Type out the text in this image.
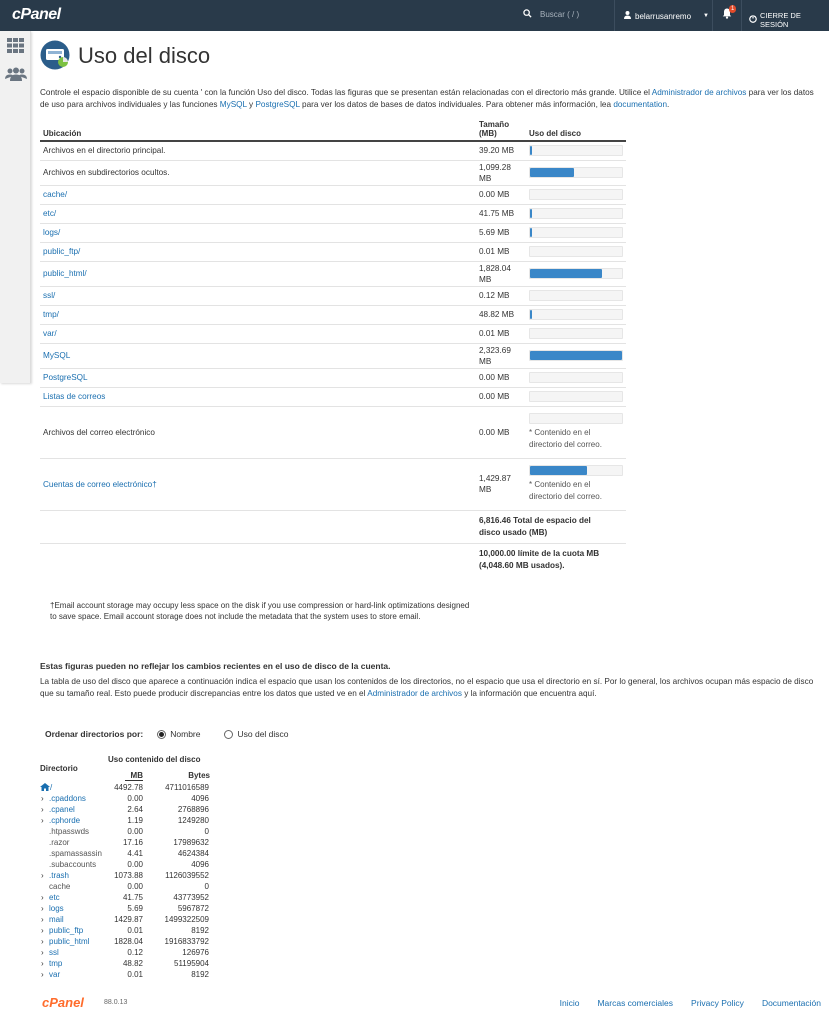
cPanel
Buscar ( / )	belarrusanremo ▼
1
CIERRE DE SESIÓN
Uso del disco
Controle el espacio disponible de su cuenta ' con la función Uso del disco. Todas las figuras que se presentan están relacionadas con el directorio más grande. Utilice el Administrador de archivos para ver los datos de uso para archivos individuales y las funciones MySQL y PostgreSQL para ver los datos de bases de datos individuales. Para obtener más información, lea documentation.
Ubicación	Tamaño (MB)	Uso del disco
Archivos en el directorio principal.	39.20 MB	

Archivos en subdirectorios ocultos.	1,099.28 MB	

cache/	0.00 MB	

etc/	41.75 MB	

logs/	5.69 MB	

public_ftp/	0.01 MB	

public_html/	1,828.04 MB	

ssl/	0.12 MB	

tmp/	48.82 MB	

var/	0.01 MB	

MySQL	2,323.69 MB	

PostgreSQL	0.00 MB	

Listas de correos	0.00 MB	

Archivos del correo electrónico	0.00 MB	* Contenido en el directorio del correo.

Cuentas de correo electrónico†	1,429.87 MB	* Contenido en el directorio del correo.

	6,816.46 Total de espacio del disco usado (MB)	

	10,000.00 límite de la cuota MB (4,048.60 MB usados).	
†Email account storage may occupy less space on the disk if you use compression or hard-link optimizations designed to save space. Email account storage does not include the metadata that the system uses to store email.
Estas figuras pueden no reflejar los cambios recientes en el uso de disco de la cuenta.
La tabla de uso del disco que aparece a continuación indica el espacio que usan los contenidos de los directorios, no el espacio que usa el directorio en sí. Por lo general, los archivos ocupan más espacio de disco que su tamaño real. Esto puede producir discrepancias entre los datos que usted ve en el Administrador de archivos y la información que encuentra aquí.
Ordenar directorios por:	Nombre	Uso del disco
Directorio
Uso contenido del disco
MB	Bytes
/	4492.78	4711016589
› .cpaddons	0.00	4096
› .cpanel	2.64	2768896
› .cphorde	1.19	1249280
.htpasswds	0.00	0
.razor	17.16	17989632
.spamassassin	4.41	4624384
.subaccounts	0.00	4096
› .trash	1073.88	1126039552
cache	0.00	0
› etc	41.75	43773952
› logs	5.69	5967872
› mail	1429.87	1499322509
› public_ftp	0.01	8192
› public_html	1828.04	1916833792
› ssl	0.12	126976
› tmp	48.82	51195904
› var	0.01	8192
cPanel	88.0.13	Inicio Marcas comerciales Privacy Policy Documentación
